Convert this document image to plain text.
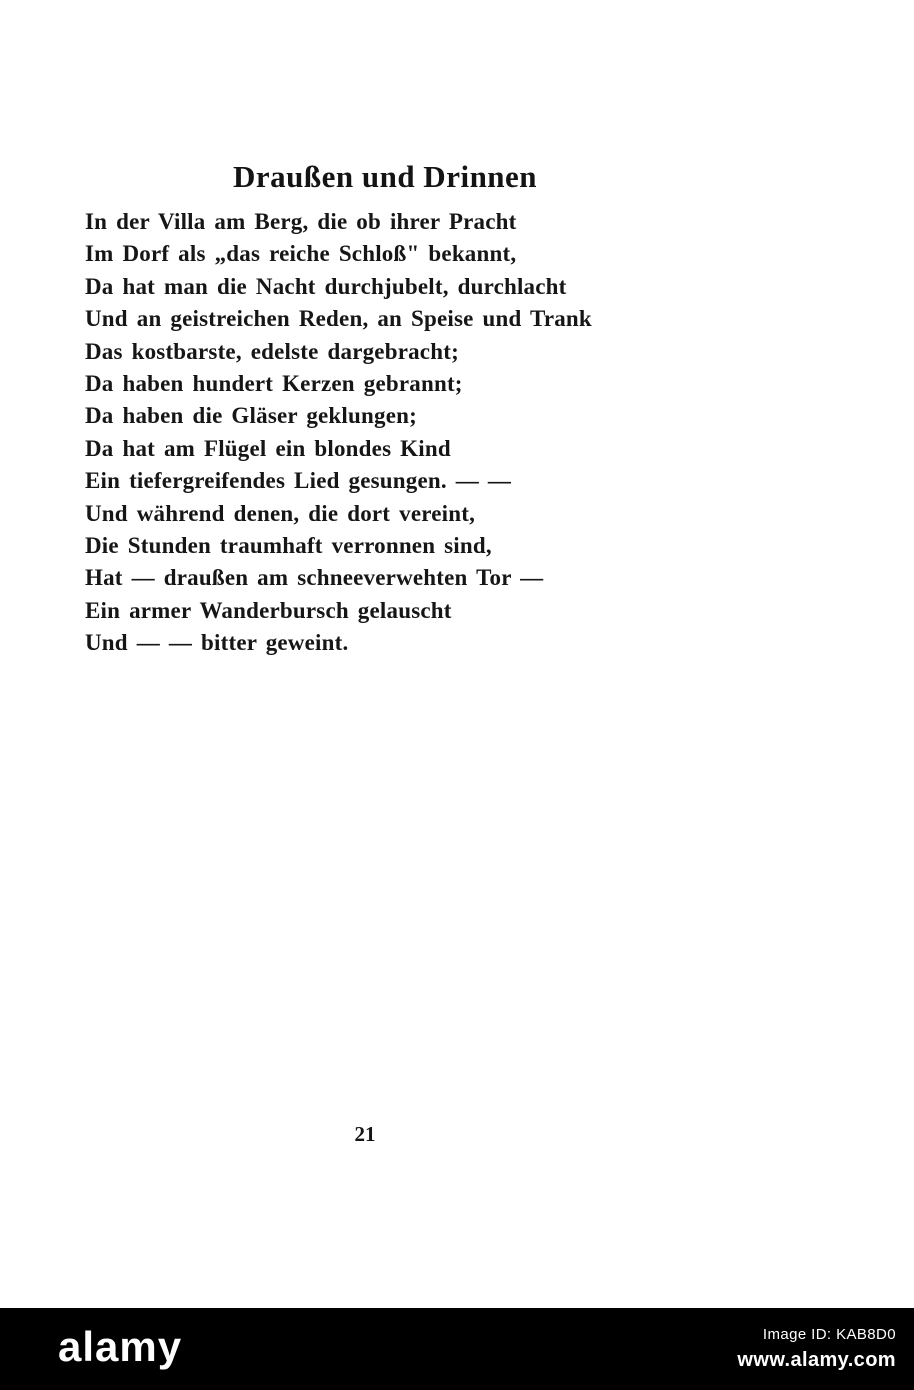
Draußen und Drinnen
In der Villa am Berg, die ob ihrer Pracht
Im Dorf als „das reiche Schloß" bekannt,
Da hat man die Nacht durchjubelt, durchlacht
Und an geistreichen Reden, an Speise und Trank
Das kostbarste, edelste dargebracht;
Da haben hundert Kerzen gebrannt;
Da haben die Gläser geklungen;
Da hat am Flügel ein blondes Kind
Ein tiefergreifendes Lied gesungen. — —
Und während denen, die dort vereint,
Die Stunden traumhaft verronnen sind,
Hat — draußen am schneeverwehten Tor —
Ein armer Wanderbursch gelauscht
Und — — bitter geweint.
21
alamy	Image ID: KAB8D0
www.alamy.com
